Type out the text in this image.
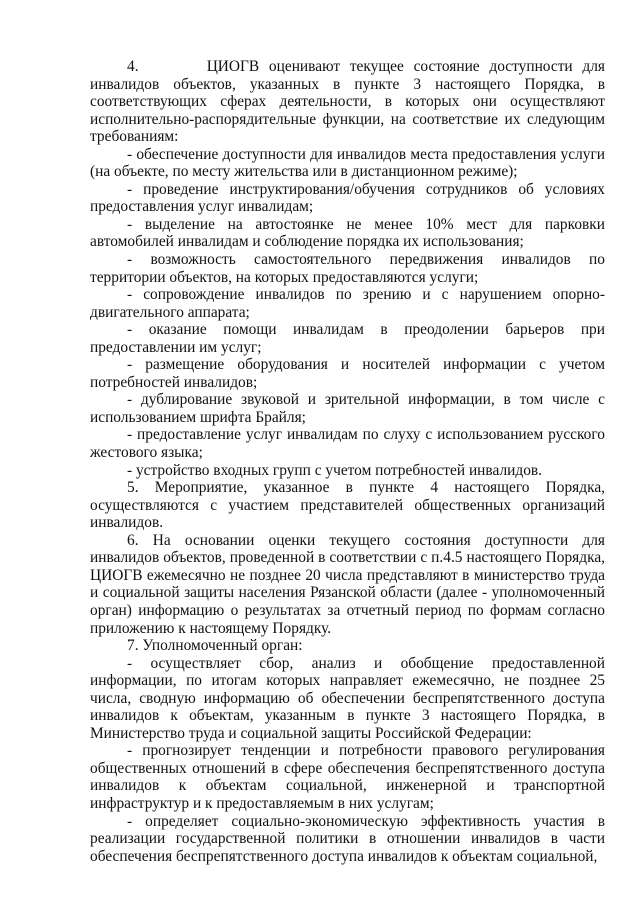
4.       ЦИОГВ оценивают текущее состояние доступности для инвалидов объектов, указанных в пункте 3 настоящего Порядка, в соответствующих сферах деятельности, в которых они осуществляют исполнительно-распорядительные функции, на соответствие их следующим требованиям:

- обеспечение доступности для инвалидов места предоставления услуги (на объекте, по месту жительства или в дистанционном режиме);

- проведение инструктирования/обучения сотрудников об условиях предоставления услуг инвалидам;

- выделение на автостоянке не менее 10% мест для парковки автомобилей инвалидам и соблюдение порядка их использования;

- возможность самостоятельного передвижения инвалидов по территории объектов, на которых предоставляются услуги;

- сопровождение инвалидов по зрению и с нарушением опорно-двигательного аппарата;

- оказание помощи инвалидам в преодолении барьеров при предоставлении им услуг;

- размещение оборудования и носителей информации с учетом потребностей инвалидов;

- дублирование звуковой и зрительной информации, в том числе с использованием шрифта Брайля;

- предоставление услуг инвалидам по слуху с использованием русского жестового языка;

- устройство входных групп с учетом потребностей инвалидов.

5. Мероприятие, указанное в пункте 4 настоящего Порядка, осуществляются с участием представителей общественных организаций инвалидов.

6. На основании оценки текущего состояния доступности для инвалидов объектов, проведенной в соответствии с п.4.5 настоящего Порядка, ЦИОГВ ежемесячно не позднее 20 числа представляют в министерство труда и социальной защиты населения Рязанской области (далее - уполномоченный орган) информацию о результатах за отчетный период по формам согласно приложению к настоящему Порядку.

7. Уполномоченный орган:

- осуществляет сбор, анализ и обобщение предоставленной информации, по итогам которых направляет ежемесячно, не позднее 25 числа, сводную информацию об обеспечении беспрепятственного доступа инвалидов к объектам, указанным в пункте 3 настоящего Порядка, в Министерство труда и социальной защиты Российской Федерации:

- прогнозирует тенденции и потребности правового регулирования общественных отношений в сфере обеспечения беспрепятственного доступа инвалидов к объектам социальной, инженерной и транспортной инфраструктур и к предоставляемым в них услугам;

- определяет социально-экономическую эффективность участия в реализации государственной политики в отношении инвалидов в части обеспечения беспрепятственного доступа инвалидов к объектам социальной,
